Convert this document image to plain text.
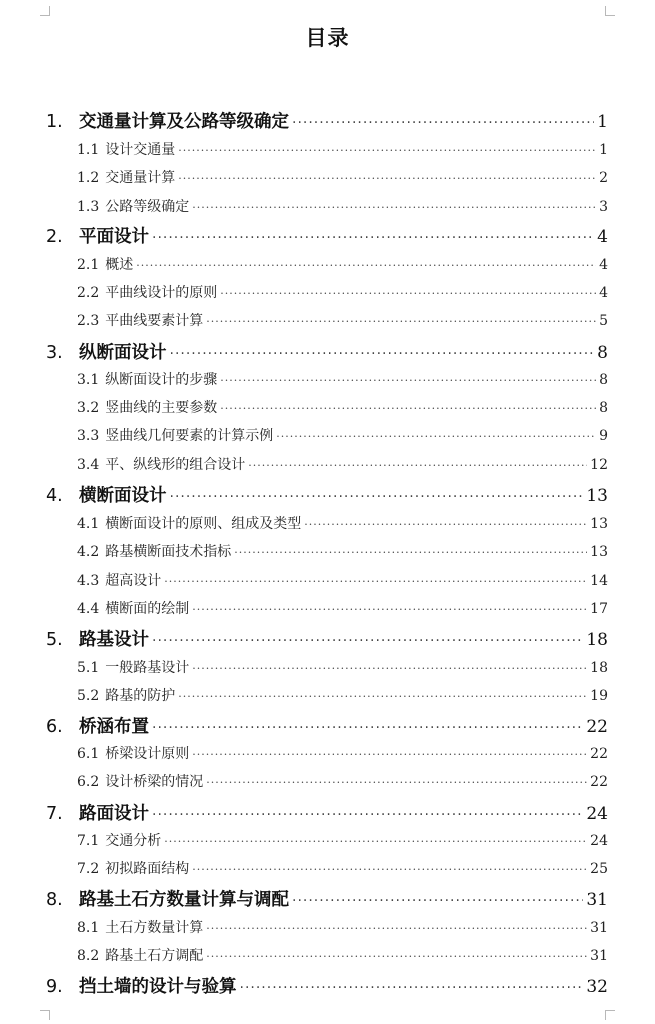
目录
1. 交通量计算及公路等级确定 ·····	1
1.1 设计交通量 ·····	1
1.2 交通量计算 ·····	2
1.3 公路等级确定 ·····	3
2. 平面设计 ·····	4
2.1 概述 ·····	4
2.2 平曲线设计的原则 ·····	4
2.3 平曲线要素计算 ·····	5
3. 纵断面设计 ·····	8
3.1 纵断面设计的步骤 ·····	8
3.2 竖曲线的主要参数 ·····	8
3.3 竖曲线几何要素的计算示例 ·····	9
3.4 平、纵线形的组合设计 ·····	12
4. 横断面设计 ·····	13
4.1 横断面设计的原则、组成及类型 ·····	13
4.2 路基横断面技术指标 ·····	13
4.3 超高设计 ·····	14
4.4 横断面的绘制 ·····	17
5. 路基设计 ·····	18
5.1 一般路基设计 ·····	18
5.2 路基的防护 ·····	19
6. 桥涵布置 ·····	22
6.1 桥梁设计原则 ·····	22
6.2 设计桥梁的情况 ·····	22
7. 路面设计 ·····	24
7.1 交通分析 ·····	24
7.2 初拟路面结构 ·····	25
8. 路基土石方数量计算与调配 ·····	31
8.1 土石方数量计算 ·····	31
8.2 路基土石方调配 ·····	31
9. 挡土墙的设计与验算 ·····	32
